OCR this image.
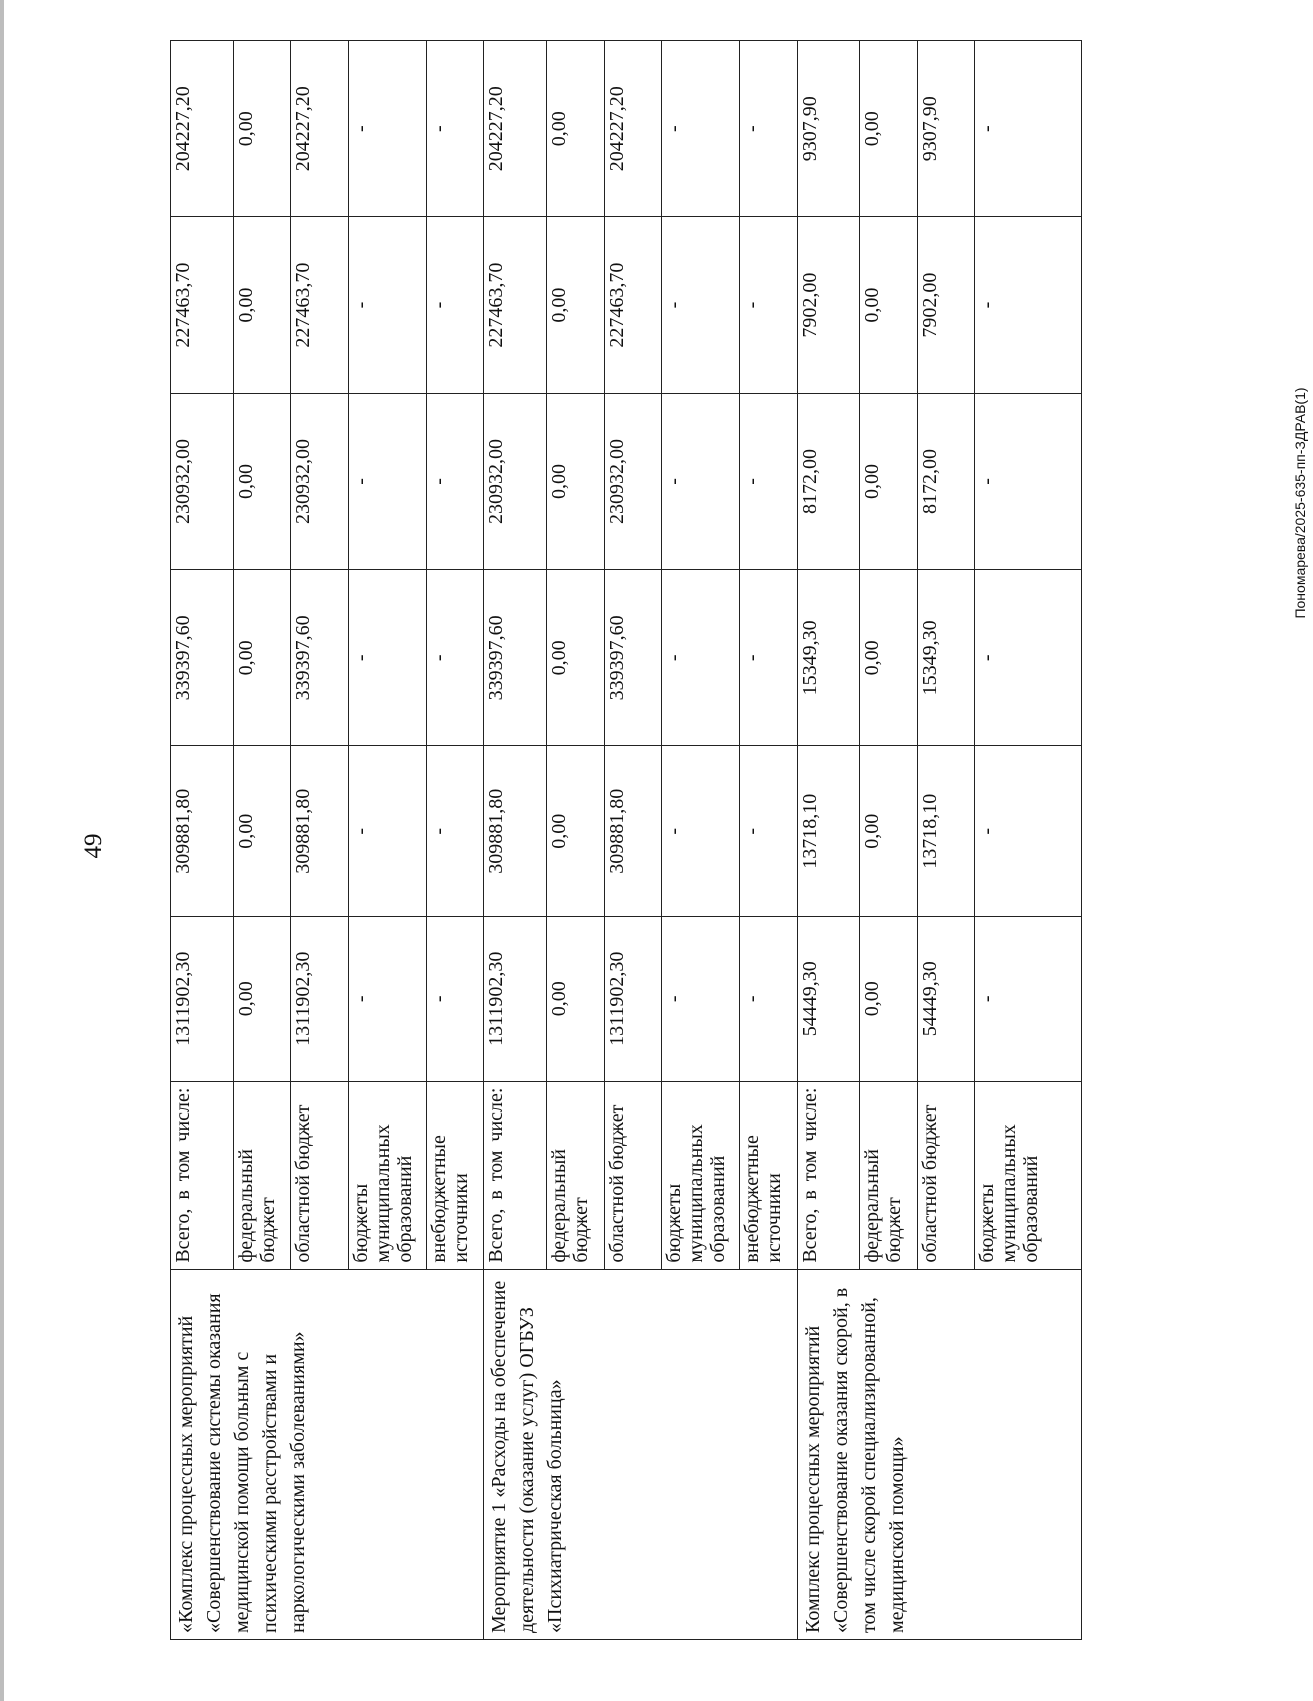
49
Пономарева/2025-635-пп-ЗДРАВ(1)
«Комплекс процессных мероприятий «Совершенствование системы оказания медицинской помощи больным с психическими расстройствами и наркологическими заболеваниями»	Всего, в том числе:	1311902,30	309881,80	339397,60	230932,00	227463,70	204227,20
	федеральный бюджет	0,00	0,00	0,00	0,00	0,00	0,00
	областной бюджет	1311902,30	309881,80	339397,60	230932,00	227463,70	204227,20
	бюджеты муниципальных образований	-	-	-	-	-	-
	внебюджетные источники	-	-	-	-	-	-

Мероприятие 1 «Расходы на обеспечение деятельности (оказание услуг) ОГБУЗ «Психиатрическая больница»	Всего, в том числе:	1311902,30	309881,80	339397,60	230932,00	227463,70	204227,20
	федеральный бюджет	0,00	0,00	0,00	0,00	0,00	0,00
	областной бюджет	1311902,30	309881,80	339397,60	230932,00	227463,70	204227,20
	бюджеты муниципальных образований	-	-	-	-	-	-
	внебюджетные источники	-	-	-	-	-	-

Комплекс процессных мероприятий «Совершенствование оказания скорой, в том числе скорой специализированной, медицинской помощи»	Всего, в том числе:	54449,30	13718,10	15349,30	8172,00	7902,00	9307,90
	федеральный бюджет	0,00	0,00	0,00	0,00	0,00	0,00
	областной бюджет	54449,30	13718,10	15349,30	8172,00	7902,00	9307,90
	бюджеты муниципальных образований	-	-	-	-	-	-
